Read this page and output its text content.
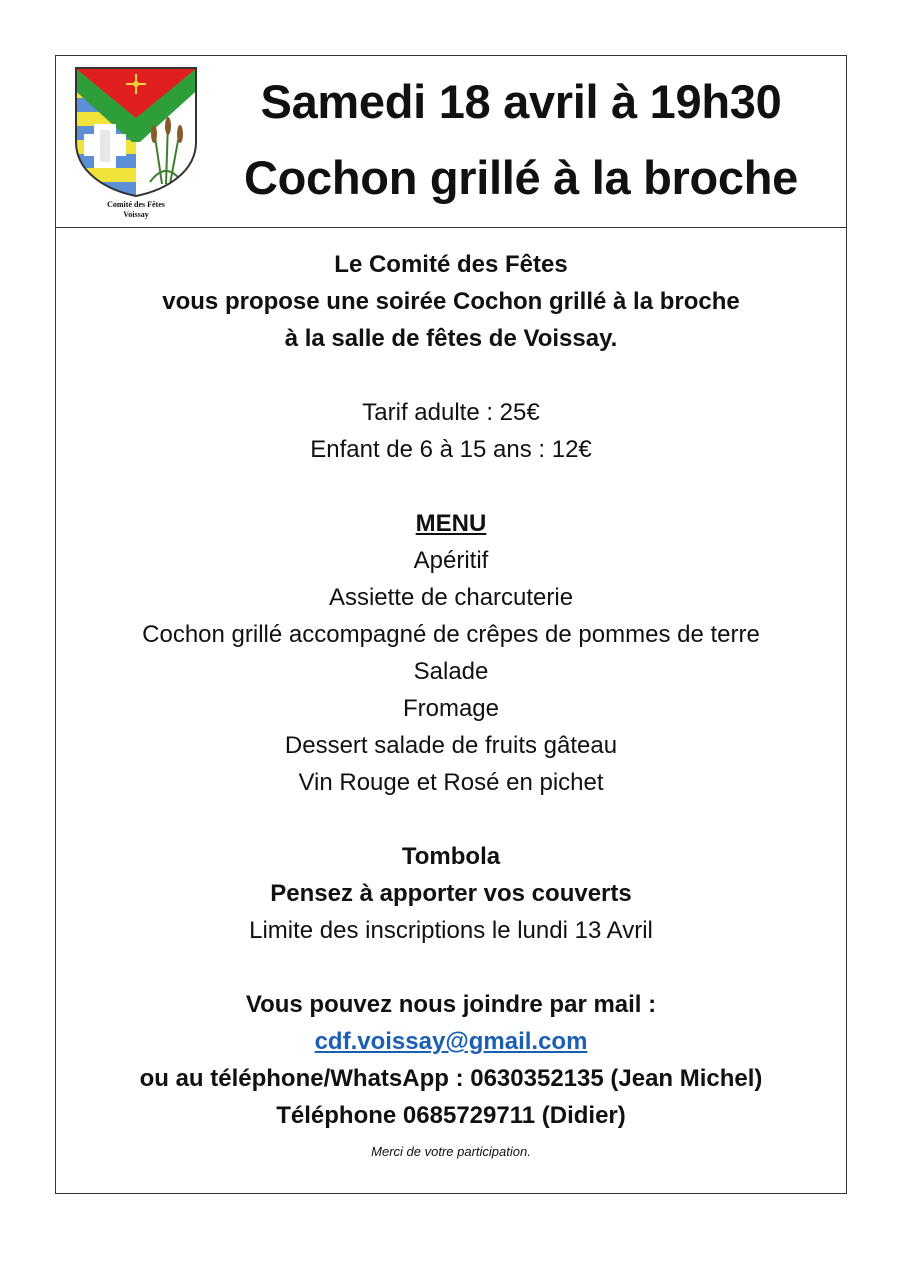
Comité des Fêtes
Voissay
Samedi 18 avril à 19h30
Cochon grillé à la broche
Le Comité des Fêtes
vous propose une soirée Cochon grillé à la broche
à la salle de fêtes de Voissay.
Tarif adulte : 25€
Enfant de 6 à 15 ans : 12€
MENU
Apéritif
Assiette de charcuterie
Cochon grillé accompagné de crêpes de pommes de terre
Salade
Fromage
Dessert salade de fruits gâteau
Vin Rouge et Rosé en pichet
Tombola
Pensez à apporter vos couverts
Limite des inscriptions le lundi 13 Avril
Vous pouvez nous joindre par mail :
cdf.voissay@gmail.com
ou au téléphone/WhatsApp : 0630352135 (Jean Michel)
Téléphone 0685729711 (Didier)
Merci de votre participation.
